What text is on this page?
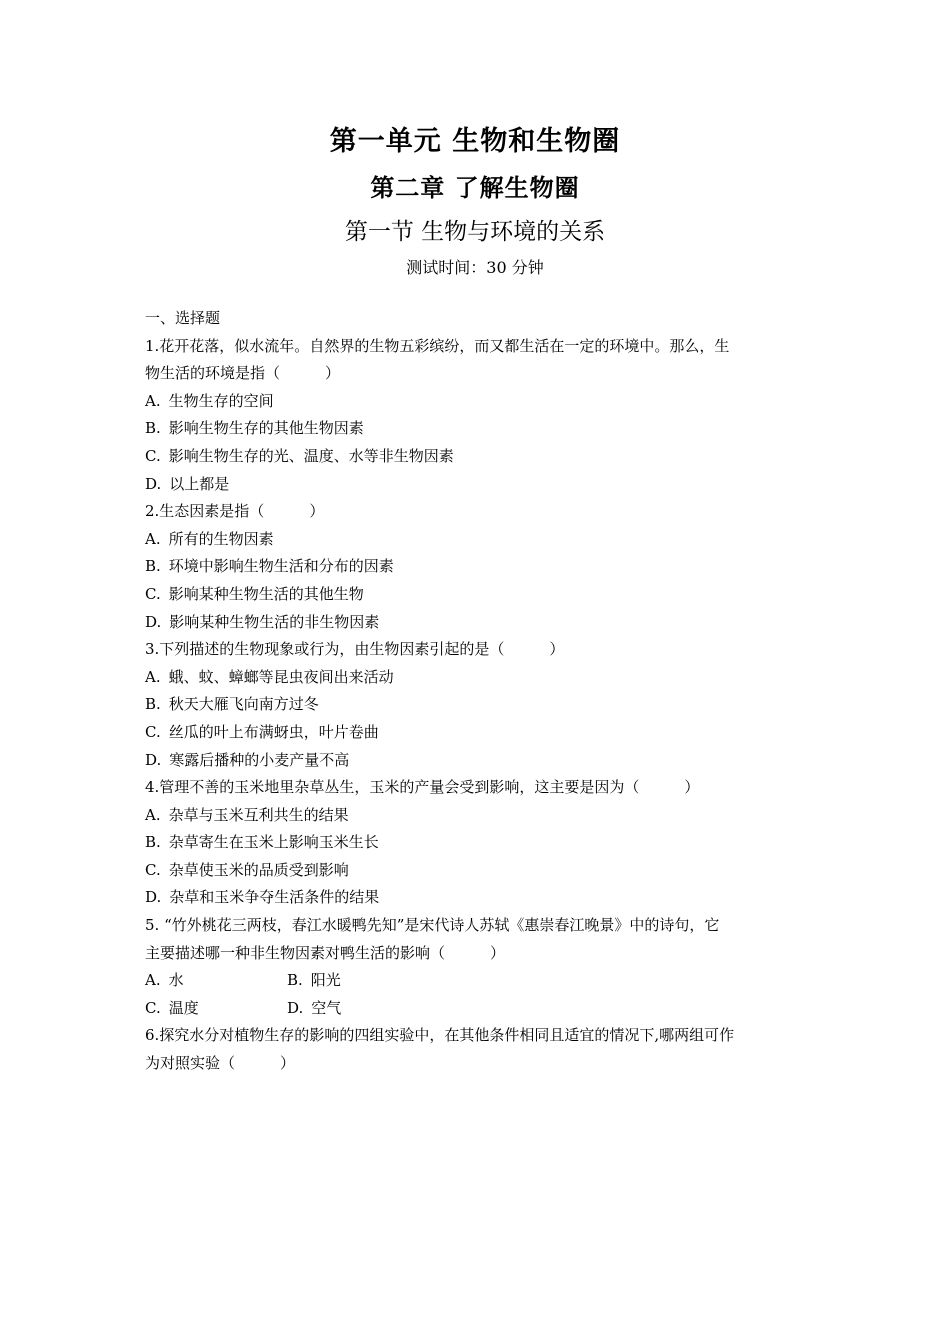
第一单元 生物和生物圈
第二章 了解生物圈
第一节 生物与环境的关系
测试时间：30 分钟
一、选择题
1.花开花落，似水流年。自然界的生物五彩缤纷，而又都生活在一定的环境中。那么，生
物生活的环境是指（　　　）
A. 生物生存的空间
B. 影响生物生存的其他生物因素
C. 影响生物生存的光、温度、水等非生物因素
D. 以上都是
2.生态因素是指（　　　）
A. 所有的生物因素
B. 环境中影响生物生活和分布的因素
C. 影响某种生物生活的其他生物
D. 影响某种生物生活的非生物因素
3.下列描述的生物现象或行为，由生物因素引起的是（　　　）
A. 蛾、蚊、蟑螂等昆虫夜间出来活动
B. 秋天大雁飞向南方过冬
C. 丝瓜的叶上布满蚜虫，叶片卷曲
D. 寒露后播种的小麦产量不高
4.管理不善的玉米地里杂草丛生，玉米的产量会受到影响，这主要是因为（　　　）
A. 杂草与玉米互利共生的结果
B. 杂草寄生在玉米上影响玉米生长
C. 杂草使玉米的品质受到影响
D. 杂草和玉米争夺生活条件的结果
5. “竹外桃花三两枝，春江水暖鸭先知”是宋代诗人苏轼《惠崇春江晚景》中的诗句，它
主要描述哪一种非生物因素对鸭生活的影响（　　　）
A. 水	B. 阳光
C. 温度	D. 空气
6.探究水分对植物生存的影响的四组实验中，在其他条件相同且适宜的情况下,哪两组可作
为对照实验（　　　）
